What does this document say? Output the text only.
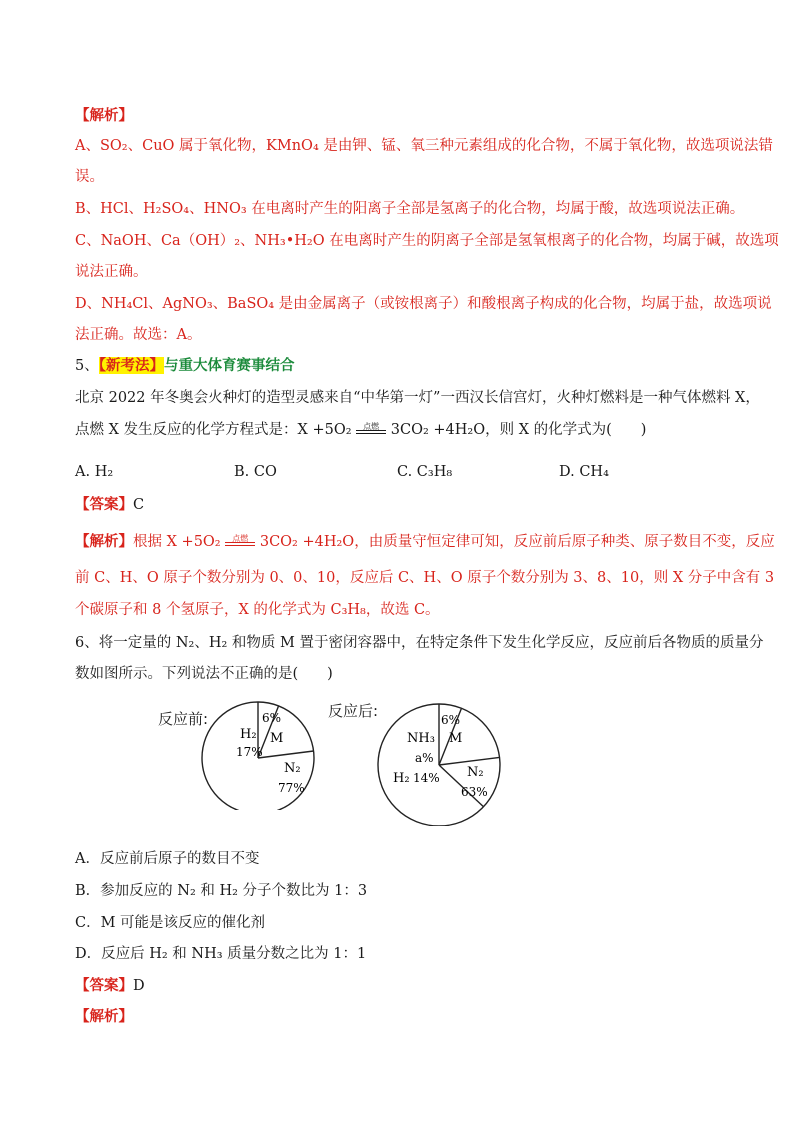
【解析】
A、SO₂、CuO 属于氧化物，KMnO₄ 是由钾、锰、氧三种元素组成的化合物，不属于氧化物，故选项说法错
误。
B、HCl、H₂SO₄、HNO₃ 在电离时产生的阳离子全部是氢离子的化合物，均属于酸，故选项说法正确。
C、NaOH、Ca（OH）₂、NH₃•H₂O 在电离时产生的阴离子全部是氢氧根离子的化合物，均属于碱，故选项
说法正确。
D、NH₄Cl、AgNO₃、BaSO₄ 是由金属离子（或铵根离子）和酸根离子构成的化合物，均属于盐，故选项说
法正确。故选：A。
5、【新考法】与重大体育赛事结合
北京 2022 年冬奥会火种灯的造型灵感来自“中华第一灯”一西汉长信宫灯，火种灯燃料是一种气体燃料 X，
点燃 X 发生反应的化学方程式是：X +5O₂	点燃 3CO₂ +4H₂O，则 X 的化学式为(　　)
A. H₂	B. CO	C. C₃H₈	D. CH₄
【答案】C
【解析】根据 X +5O₂	点燃 3CO₂ +4H₂O，由质量守恒定律可知，反应前后原子种类、原子数目不变，反应
前 C、H、O 原子个数分别为 0、0、10，反应后 C、H、O 原子个数分别为 3、8、10，则 X 分子中含有 3
个碳原子和 8 个氢原子，X 的化学式为 C₃H₈，故选 C。
6、将一定量的 N₂、H₂ 和物质 M 置于密闭容器中，在特定条件下发生化学反应，反应前后各物质的质量分
数如图所示。下列说法不正确的是(　　)
反应前:	6%
H₂ M
17%
N₂
77%
反应后:	6%
NH₃ M
a%
H₂ 14% N₂
63%
A．反应前后原子的数目不变
B．参加反应的 N₂ 和 H₂ 分子个数比为 1：3
C．M 可能是该反应的催化剂
D．反应后 H₂ 和 NH₃ 质量分数之比为 1：1
【答案】D
【解析】
